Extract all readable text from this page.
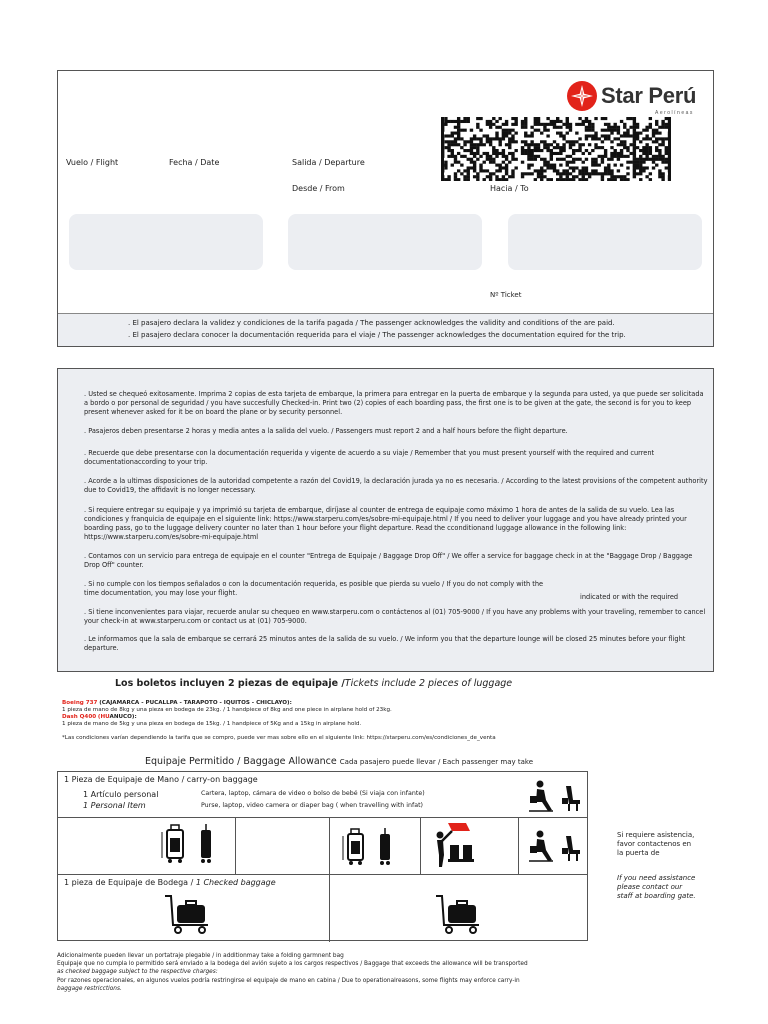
Star Perú
Aerolíneas
Vuelo / Flight	Fecha / Date	Salida / Departure
Desde / From	Hacia / To
Nº Ticket

. El pasajero declara la validez y condiciones de la tarifa pagada / The passenger acknowledges the validity and conditions of the are paid.

. El pasajero declara conocer la documentación requerida para el viaje / The passenger acknowledges the documentation equired for the trip.

. Usted se chequeó exitosamente. Imprima 2 copias de esta tarjeta de embarque, la primera para entregar en la puerta de embarque y la segunda para usted, ya que puede ser solicitada a bordo o por personal de seguridad / you have succesfully Checked-in. Print two (2) copies of each boarding pass, the first one is to be given at the gate, the second is for you to keep present whenever asked for it be on board the plane or by security personnel.

. Pasajeros deben presentarse 2 horas y media antes a la salida del vuelo. / Passengers must report 2 and a half hours before the flight departure.

. Recuerde que debe presentarse con la documentación requerida y vigente de acuerdo a su viaje / Remember that you must present yourself with the required and current documentationaccording to your trip.

. Acorde a la ultimas disposiciones de la autoridad competente a razón del Covid19, la declaración jurada ya no es necesaria. / According to the latest provisions of the competent authority due to Covid19, the affidavit is no longer necessary.

. Si requiere entregar su equipaje y ya imprimió su tarjeta de embarque, diríjase al counter de entrega de equipaje como máximo 1 hora de antes de la salida de su vuelo. Lea las condiciones y franquicia de equipaje en el siguiente link: https://www.starperu.com/es/sobre-mi-equipaje.html / If you need to deliver your luggage and you have already printed your boarding pass, go to the luggage delivery counter no later than 1 hour before your flight departure. Read the cconditionand luggage allowance in the following link: https://www.starperu.com/es/sobre-mi-equipaje.html

. Contamos con un servicio para entrega de equipaje en el counter "Entrega de Equipaje / Baggage Drop Off" / We offer a service for baggage check in at the "Baggage Drop / Baggage Drop Off" counter.

. Si no cumple con los tiempos señalados o con la documentación requerida, es posible que pierda su vuelo / If you do not comply with the time documentation, you may lose your flight.	indicated or with the required

. Si tiene inconvenientes para viajar, recuerde anular su chequeo en www.starperu.com o contáctenos al (01) 705-9000 / If you have any problems with your traveling, remember to cancel your check-in at www.starperu.com or contact us at (01) 705-9000.

. Le informamos que la sala de embarque se cerrará 25 minutos antes de la salida de su vuelo. / We inform you that the departure lounge will be closed 25 minutes before your flight departure.

Los boletos incluyen 2 piezas de equipaje /Tickets include 2 pieces of luggage
Boeing 737 (CAJAMARCA - PUCALLPA - TARAPOTO - IQUITOS - CHICLAYO):
1 pieza de mano de 8kg y una pieza en bodega de 23kg. / 1 handpiece of 8kg and one piece in airplane hold of 23kg.
Dash Q400 (HUANUCO):
1 pieza de mano de 5kg y una pieza en bodega de 15kg. / 1 handpiece of 5Kg and a 15kg in airplane hold.
*Las condiciones varían dependiendo la tarifa que se compro, puede ver mas sobre ello en el siguiente link: https://starperu.com/es/condiciones_de_venta
Equipaje Permitido / Baggage Allowance Cada pasajero puede llevar / Each passenger may take
1 Pieza de Equipaje de Mano / carry-on baggage
1 Artículo personal
1 Personal Item
Cartera, laptop, cámara de video o bolso de bebé (Si viaja con infante)
Purse, laptop, video camera or diaper bag ( when travelling with infat)
1 pieza de Equipaje de Bodega / 1 Checked baggage
Si requiere asistencia,
favor contactenos en
la puerta de
If you need assistance
please contact our
staff at boarding gate.
Adicionalmente pueden llevar un portatraje plegable / in additionmay take a folding garmnent bag
Equipaje que no cumpla lo permitido será enviado a la bodega del avión sujeto a los cargos respectivos / Baggage that exceeds the allowance will be transported
as checked baggage subject to the respective charges:
Por razones operacionales, en algunos vuelos podría restringirse el equipaje de mano en cabina / Due to operationalreasons, some flights may enforce carry-in
baggage restricctions.
